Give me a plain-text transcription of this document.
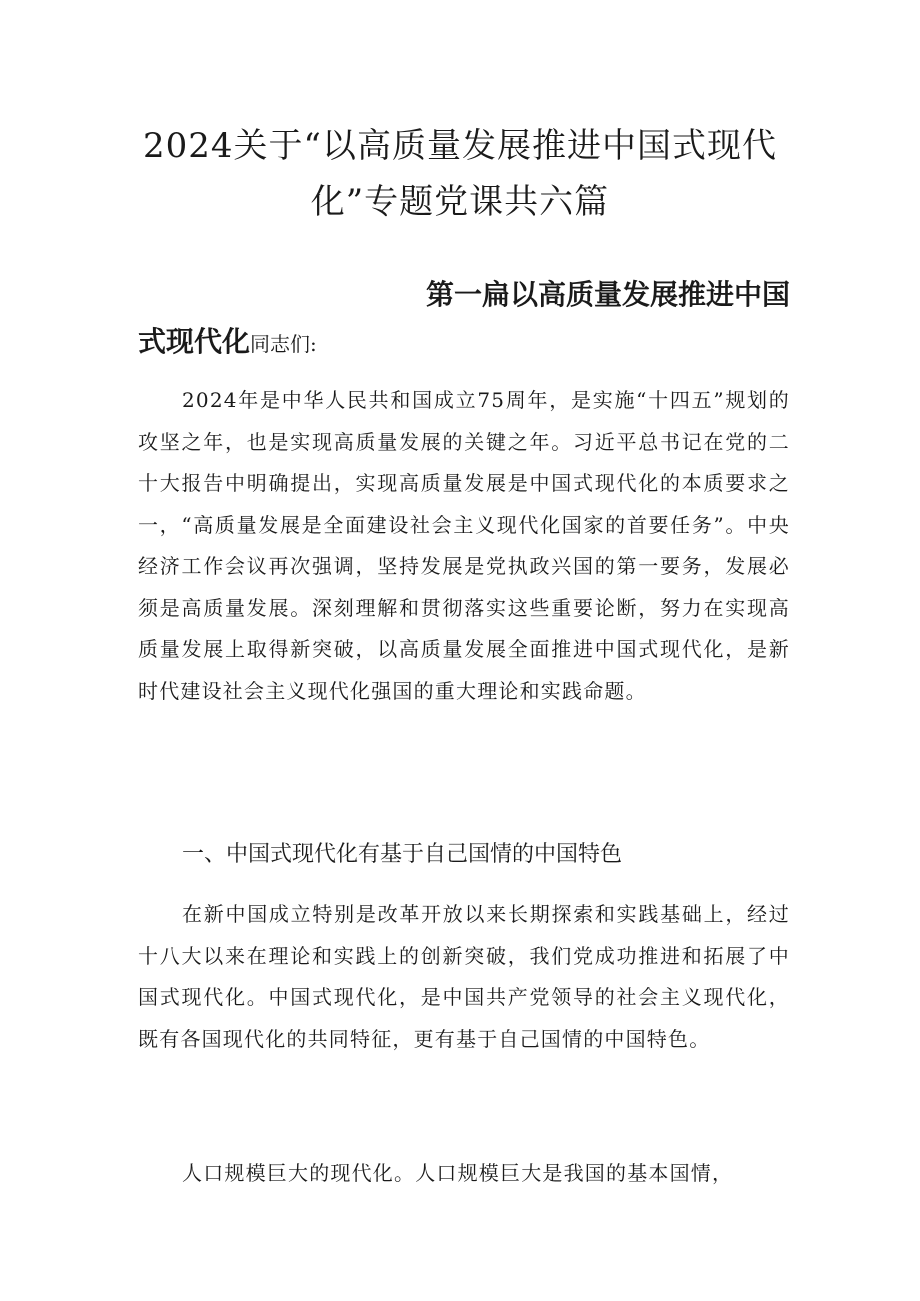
2024关于“以高质量发展推进中国式现代
化”专题党课共六篇
第一扁以高质量发展推进中国
式现代化同志们:

2024年是中华人民共和国成立75周年，是实施“十四五”规划的攻坚之年，也是实现高质量发展的关键之年。习近平总书记在党的二十大报告中明确提出，实现高质量发展是中国式现代化的本质要求之一，“高质量发展是全面建设社会主义现代化国家的首要任务”。中央经济工作会议再次强调，坚持发展是党执政兴国的第一要务，发展必须是高质量发展。深刻理解和贯彻落实这些重要论断，努力在实现高质量发展上取得新突破，以高质量发展全面推进中国式现代化，是新时代建设社会主义现代化强国的重大理论和实践命题。

一、中国式现代化有基于自己国情的中国特色

在新中国成立特别是改革开放以来长期探索和实践基础上，经过十八大以来在理论和实践上的创新突破，我们党成功推进和拓展了中国式现代化。中国式现代化，是中国共产党领导的社会主义现代化，既有各国现代化的共同特征，更有基于自己国情的中国特色。

人口规模巨大的现代化。人口规模巨大是我国的基本国情，
